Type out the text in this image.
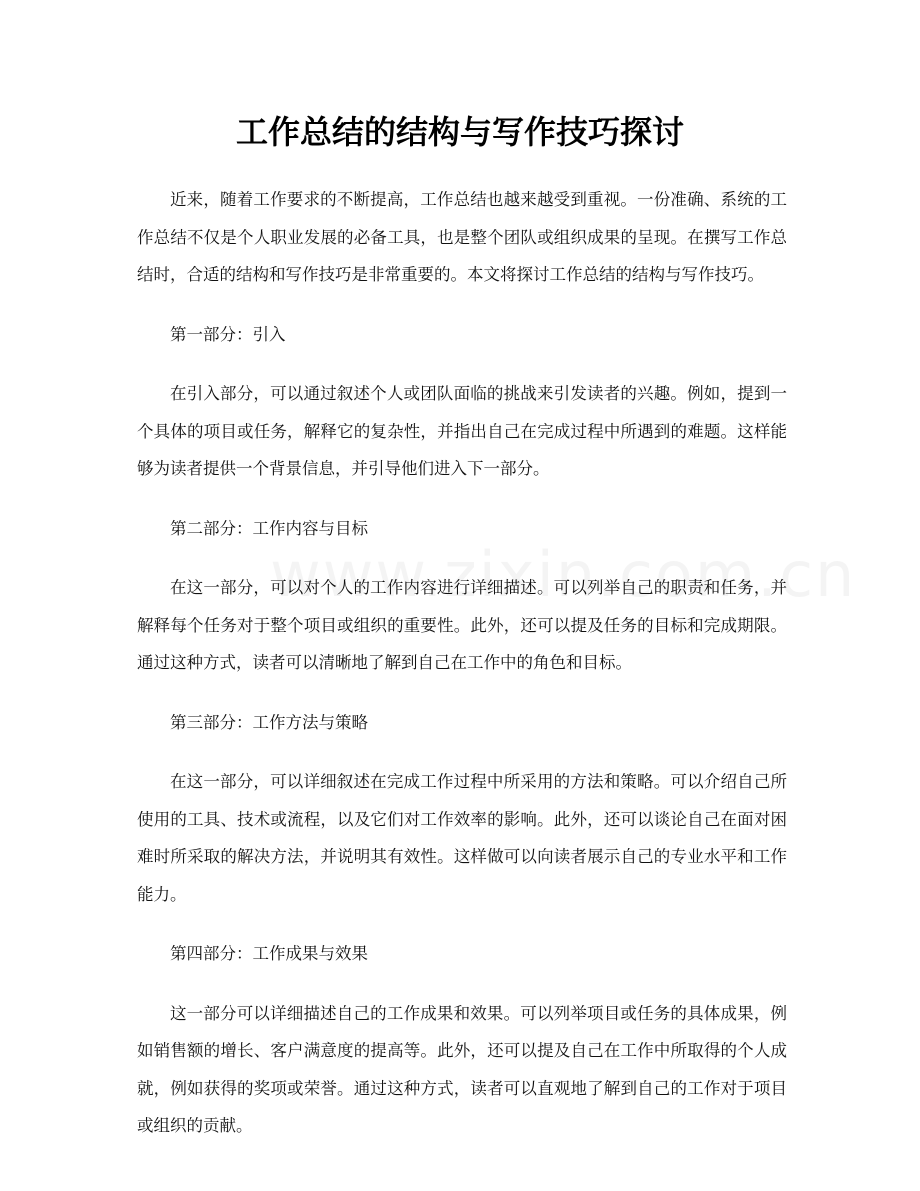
工作总结的结构与写作技巧探讨

近来，随着工作要求的不断提高，工作总结也越来越受到重视。一份准确、系统的工作总结不仅是个人职业发展的必备工具，也是整个团队或组织成果的呈现。在撰写工作总结时，合适的结构和写作技巧是非常重要的。本文将探讨工作总结的结构与写作技巧。

第一部分：引入

在引入部分，可以通过叙述个人或团队面临的挑战来引发读者的兴趣。例如，提到一个具体的项目或任务，解释它的复杂性，并指出自己在完成过程中所遇到的难题。这样能够为读者提供一个背景信息，并引导他们进入下一部分。

第二部分：工作内容与目标

在这一部分，可以对个人的工作内容进行详细描述。可以列举自己的职责和任务，并解释每个任务对于整个项目或组织的重要性。此外，还可以提及任务的目标和完成期限。通过这种方式，读者可以清晰地了解到自己在工作中的角色和目标。

第三部分：工作方法与策略

在这一部分，可以详细叙述在完成工作过程中所采用的方法和策略。可以介绍自己所使用的工具、技术或流程，以及它们对工作效率的影响。此外，还可以谈论自己在面对困难时所采取的解决方法，并说明其有效性。这样做可以向读者展示自己的专业水平和工作能力。

第四部分：工作成果与效果

这一部分可以详细描述自己的工作成果和效果。可以列举项目或任务的具体成果，例如销售额的增长、客户满意度的提高等。此外，还可以提及自己在工作中所取得的个人成就，例如获得的奖项或荣誉。通过这种方式，读者可以直观地了解到自己的工作对于项目或组织的贡献。
